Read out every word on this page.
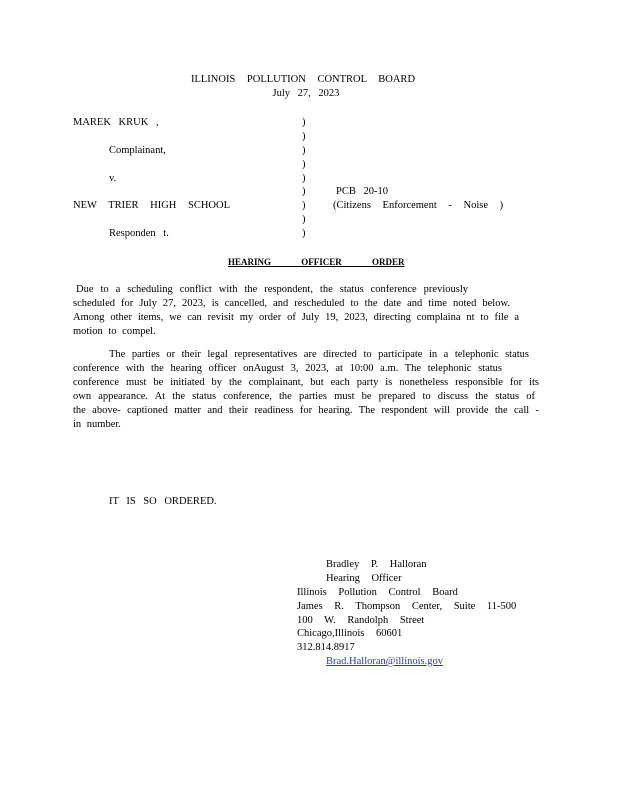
ILLINOIS POLLUTION CONTROL BOARD
July 27, 2023
MAREK KRUK ,
Complainant,
v.
NEW TRIER HIGH SCHOOL
Responden t.
)
)
)
)
)
)
)
)
)
PCB 20-10
(Citizens Enforcement - Noise )
HEARING OFFICER ORDER
Due to a scheduling conflict with the respondent, the status conference previously
scheduled for July 27, 2023, is cancelled, and rescheduled to the date and time noted below.
Among other items, we can revisit my order of July 19, 2023, directing complaina nt to file a
motion to compel.
The parties or their legal representatives are directed to participate in a telephonic status
conference with the hearing officer onAugust 3, 2023, at 10:00 a.m. The telephonic status
conference must be initiated by the complainant, but each party is nonetheless responsible for its
own appearance. At the status conference, the parties must be prepared to discuss the status of
the above- captioned matter and their readiness for hearing. The respondent will provide the call -
in number.
IT IS SO ORDERED.
Bradley P. Halloran
Hearing Officer
Illinois Pollution Control Board
James R. Thompson Center, Suite 11-500
100 W. Randolph Street
Chicago,Illinois 60601
312.814.8917
Brad.Halloran@illinois.gov
